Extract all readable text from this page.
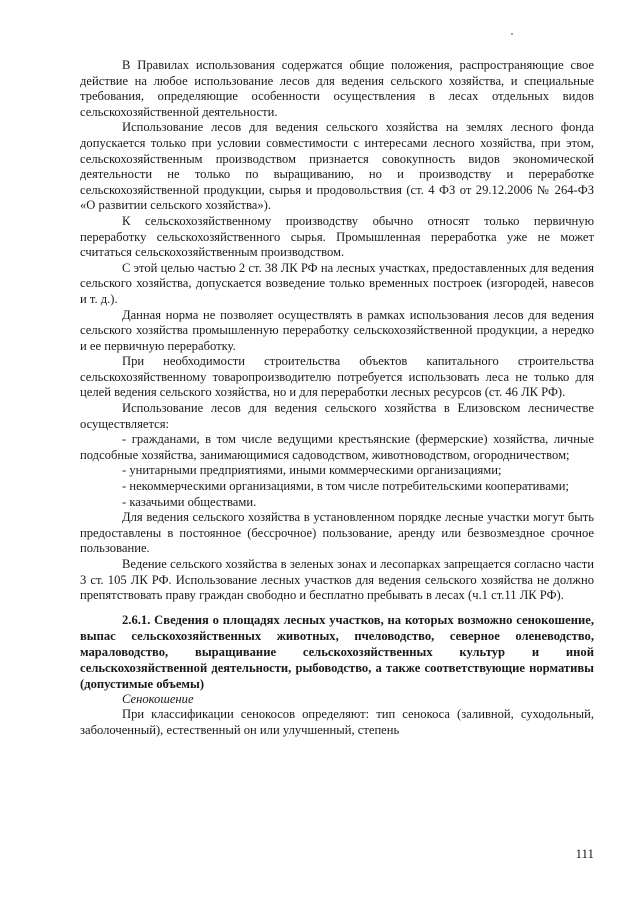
В Правилах использования содержатся общие положения, распространяющие свое действие на любое использование лесов для ведения сельского хозяйства, и специальные требования, определяющие особенности осуществления в лесах отдельных видов сельскохозяйственной деятельности.

Использование лесов для ведения сельского хозяйства на землях лесного фонда допускается только при условии совместимости с интересами лесного хозяйства, при этом, сельскохозяйственным производством признается совокупность видов экономической деятельности не только по выращиванию, но и производству и переработке сельскохозяйственной продукции, сырья и продовольствия (ст. 4 ФЗ от 29.12.2006 № 264-ФЗ «О развитии сельского хозяйства»).

К сельскохозяйственному производству обычно относят только первичную переработку сельскохозяйственного сырья. Промышленная переработка уже не может считаться сельскохозяйственным производством.

С этой целью частью 2 ст. 38 ЛК РФ на лесных участках, предоставленных для ведения сельского хозяйства, допускается возведение только временных построек (изгородей, навесов и т. д.).

Данная норма не позволяет осуществлять в рамках использования лесов для ведения сельского хозяйства промышленную переработку сельскохозяйственной продукции, а нередко и ее первичную переработку.

При необходимости строительства объектов капитального строительства сельскохозяйственному товаропроизводителю потребуется использовать леса не только для целей ведения сельского хозяйства, но и для переработки лесных ресурсов (ст. 46 ЛК РФ).

Использование лесов для ведения сельского хозяйства в Елизовском лесничестве осуществляется:

- гражданами, в том числе ведущими крестьянские (фермерские) хозяйства, личные подсобные хозяйства, занимающимися садоводством, животноводством, огородничеством;

- унитарными предприятиями, иными коммерческими организациями;

- некоммерческими организациями, в том числе потребительскими кооперативами;

- казачьими обществами.

Для ведения сельского хозяйства в установленном порядке лесные участки могут быть предоставлены в постоянное (бессрочное) пользование, аренду или безвозмездное срочное пользование.

Ведение сельского хозяйства в зеленых зонах и лесопарках запрещается согласно части 3 ст. 105 ЛК РФ. Использование лесных участков для ведения сельского хозяйства не должно препятствовать праву граждан свободно и бесплатно пребывать в лесах (ч.1 ст.11 ЛК РФ).

2.6.1. Сведения о площадях лесных участков, на которых возможно сенокошение, выпас сельскохозяйственных животных, пчеловодство, северное оленеводство, мараловодство, выращивание сельскохозяйственных культур и иной сельскохозяйственной деятельности, рыбоводство, а также соответствующие нормативы (допустимые объемы)

Сенокошение

При классификации сенокосов определяют: тип сенокоса (заливной, суходольный, заболоченный), естественный он или улучшенный, степень

111
